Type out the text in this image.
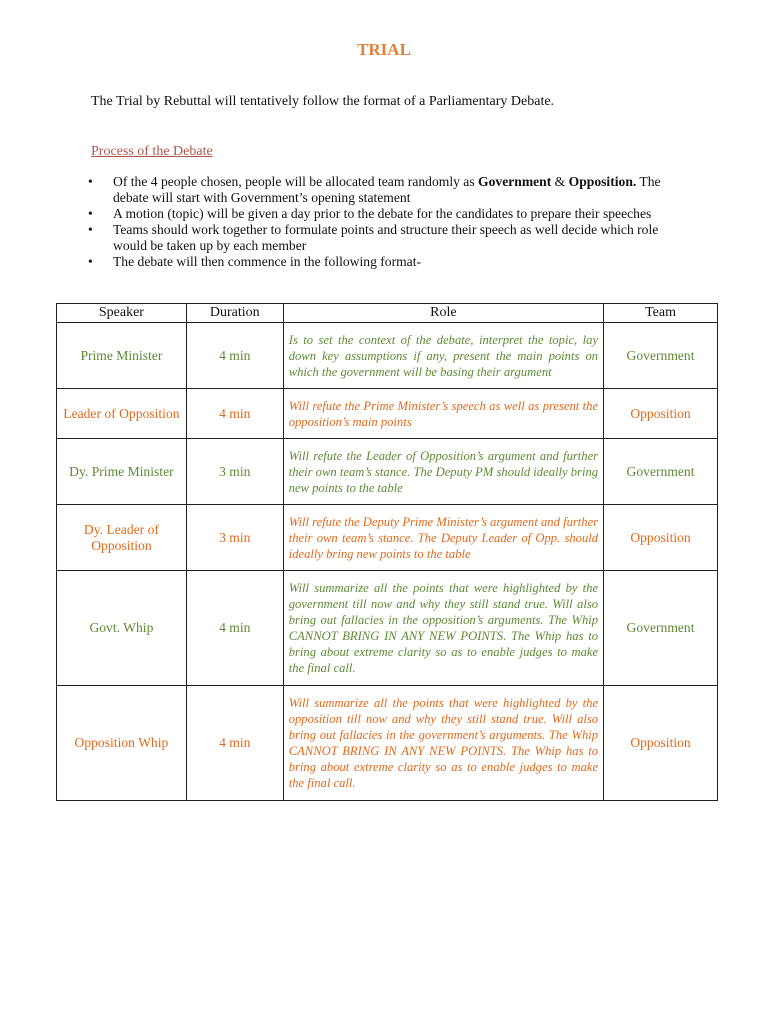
TRIAL
The Trial by Rebuttal will tentatively follow the format of a Parliamentary Debate.
Process of the Debate
• Of the 4 people chosen, people will be allocated team randomly as Government & Opposition. The debate will start with Government’s opening statement
• A motion (topic) will be given a day prior to the debate for the candidates to prepare their speeches
• Teams should work together to formulate points and structure their speech as well decide which role would be taken up by each member
• The debate will then commence in the following format-
Speaker	Duration	Role	Team
Prime Minister	4 min	Is to set the context of the debate, interpret the topic, lay down key assumptions if any, present the main points on which the government will be basing their argument	Government
Leader of Opposition	4 min	Will refute the Prime Minister’s speech as well as present the opposition’s main points	Opposition
Dy. Prime Minister	3 min	Will refute the Leader of Opposition’s argument and further their own team’s stance. The Deputy PM should ideally bring new points to the table	Government
Dy. Leader of Opposition	3 min	Will refute the Deputy Prime Minister’s argument and further their own team’s stance. The Deputy Leader of Opp. should ideally bring new points to the table	Opposition
Govt. Whip	4 min	Will summarize all the points that were highlighted by the government till now and why they still stand true. Will also bring out fallacies in the opposition’s arguments. The Whip CANNOT BRING IN ANY NEW POINTS. The Whip has to bring about extreme clarity so as to enable judges to make the final call.	Government
Opposition Whip	4 min	Will summarize all the points that were highlighted by the opposition till now and why they still stand true. Will also bring out fallacies in the government’s arguments. The Whip CANNOT BRING IN ANY NEW POINTS. The Whip has to bring about extreme clarity so as to enable judges to make the final call.	Opposition
